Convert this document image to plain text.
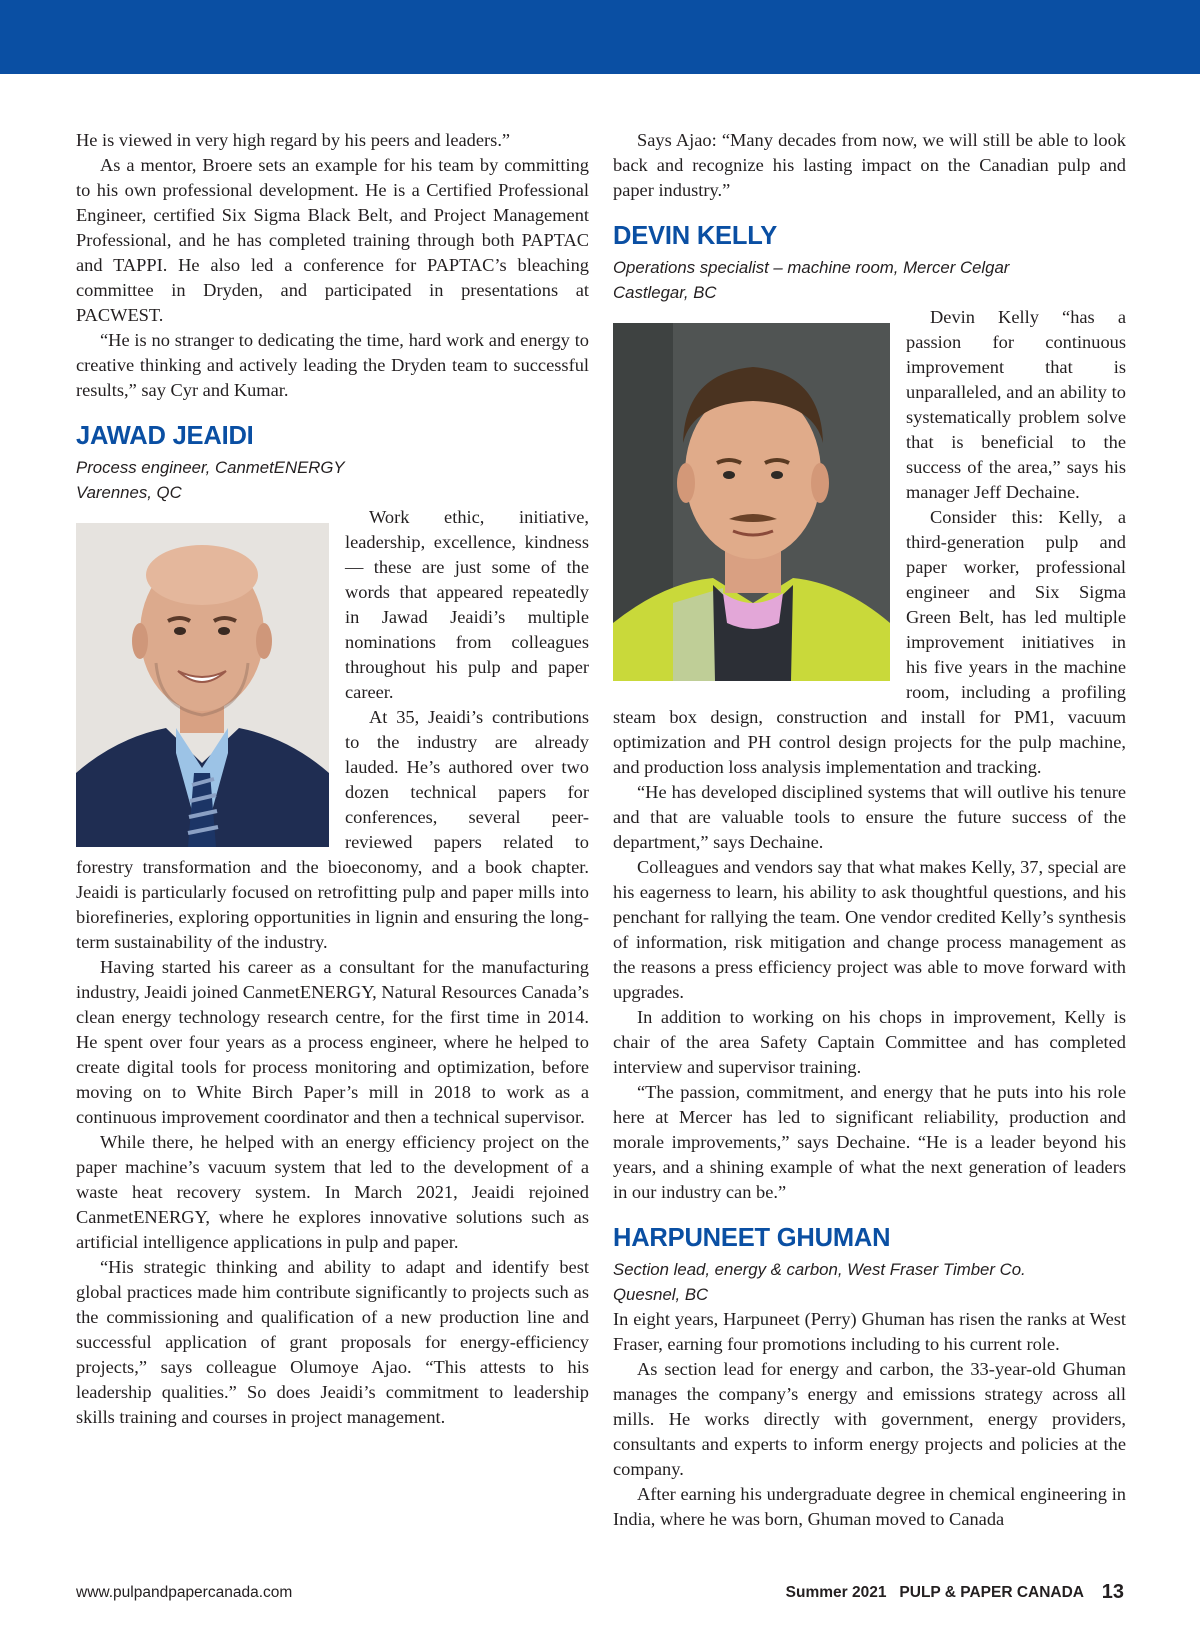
He is viewed in very high regard by his peers and leaders.”

As a mentor, Broere sets an example for his team by committing to his own professional development. He is a Certified Professional Engineer, certified Six Sigma Black Belt, and Project Management Professional, and he has completed training through both PAPTAC and TAPPI. He also led a conference for PAPTAC’s bleaching committee in Dryden, and participated in presentations at PACWEST.

“He is no stranger to dedicating the time, hard work and energy to creative thinking and actively leading the Dryden team to successful results,” say Cyr and Kumar.

JAWAD JEAIDI
Process engineer, CanmetENERGY
Varennes, QC

Work ethic, initiative, leadership, excellence, kindness — these are just some of the words that appeared repeatedly in Jawad Jeaidi’s multiple nominations from colleagues throughout his pulp and paper career.

At 35, Jeaidi’s contributions to the industry are already lauded. He’s authored over two dozen technical papers for conferences, several peer-reviewed papers related to forestry transformation and the bioeconomy, and a book chapter. Jeaidi is particularly focused on retrofitting pulp and paper mills into biorefineries, exploring opportunities in lignin and ensuring the long-term sustainability of the industry.

Having started his career as a consultant for the manufacturing industry, Jeaidi joined CanmetENERGY, Natural Resources Canada’s clean energy technology research centre, for the first time in 2014. He spent over four years as a process engineer, where he helped to create digital tools for process monitoring and optimization, before moving on to White Birch Paper’s mill in 2018 to work as a continuous improvement coordinator and then a technical supervisor.

While there, he helped with an energy efficiency project on the paper machine’s vacuum system that led to the development of a waste heat recovery system. In March 2021, Jeaidi rejoined CanmetENERGY, where he explores innovative solutions such as artificial intelligence applications in pulp and paper.

“His strategic thinking and ability to adapt and identify best global practices made him contribute significantly to projects such as the commissioning and qualification of a new production line and successful application of grant proposals for energy-efficiency projects,” says colleague Olumoye Ajao. “This attests to his leadership qualities.” So does Jeaidi’s commitment to leadership skills training and courses in project management.

Says Ajao: “Many decades from now, we will still be able to look back and recognize his lasting impact on the Canadian pulp and paper industry.”

DEVIN KELLY
Operations specialist – machine room, Mercer Celgar
Castlegar, BC

Devin Kelly “has a passion for continuous improvement that is unparalleled, and an ability to systematically problem solve that is beneficial to the success of the area,” says his manager Jeff Dechaine.

Consider this: Kelly, a third-generation pulp and paper worker, professional engineer and Six Sigma Green Belt, has led multiple improvement initiatives in his five years in the machine room, including a profiling steam box design, construction and install for PM1, vacuum optimization and PH control design projects for the pulp machine, and production loss analysis implementation and tracking.

“He has developed disciplined systems that will outlive his tenure and that are valuable tools to ensure the future success of the department,” says Dechaine.

Colleagues and vendors say that what makes Kelly, 37, special are his eagerness to learn, his ability to ask thoughtful questions, and his penchant for rallying the team. One vendor credited Kelly’s synthesis of information, risk mitigation and change process management as the reasons a press efficiency project was able to move forward with upgrades.

In addition to working on his chops in improvement, Kelly is chair of the area Safety Captain Committee and has completed interview and supervisor training.

“The passion, commitment, and energy that he puts into his role here at Mercer has led to significant reliability, production and morale improvements,” says Dechaine. “He is a leader beyond his years, and a shining example of what the next generation of leaders in our industry can be.”

HARPUNEET GHUMAN
Section lead, energy & carbon, West Fraser Timber Co.
Quesnel, BC

In eight years, Harpuneet (Perry) Ghuman has risen the ranks at West Fraser, earning four promotions including to his current role.

As section lead for energy and carbon, the 33-year-old Ghuman manages the company’s energy and emissions strategy across all mills. He works directly with government, energy providers, consultants and experts to inform energy projects and policies at the company.

After earning his undergraduate degree in chemical engineering in India, where he was born, Ghuman moved to Canada

www.pulpandpapercanada.com	Summer 2021 PULP & PAPER CANADA 13
